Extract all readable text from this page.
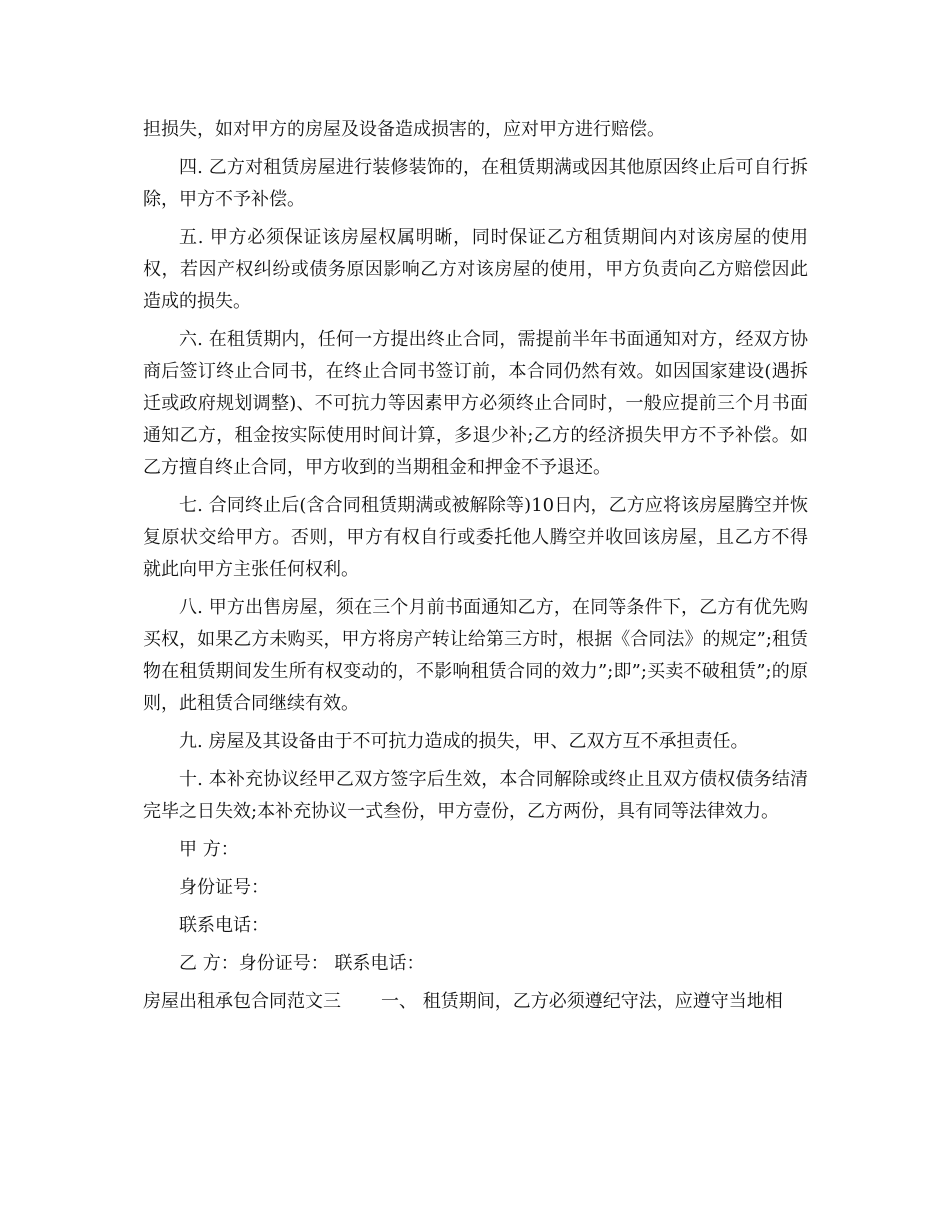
担损失，如对甲方的房屋及设备造成损害的，应对甲方进行赔偿。

四. 乙方对租赁房屋进行装修装饰的，在租赁期满或因其他原因终止后可自行拆除，甲方不予补偿。

五. 甲方必须保证该房屋权属明晰，同时保证乙方租赁期间内对该房屋的使用权，若因产权纠纷或债务原因影响乙方对该房屋的使用，甲方负责向乙方赔偿因此造成的损失。

六. 在租赁期内，任何一方提出终止合同，需提前半年书面通知对方，经双方协商后签订终止合同书，在终止合同书签订前，本合同仍然有效。如因国家建设(遇拆迁或政府规划调整)、不可抗力等因素甲方必须终止合同时，一般应提前三个月书面通知乙方，租金按实际使用时间计算，多退少补;乙方的经济损失甲方不予补偿。如乙方擅自终止合同，甲方收到的当期租金和押金不予退还。

七. 合同终止后(含合同租赁期满或被解除等)10日内，乙方应将该房屋腾空并恢复原状交给甲方。否则，甲方有权自行或委托他人腾空并收回该房屋，且乙方不得就此向甲方主张任何权利。

八. 甲方出售房屋，须在三个月前书面通知乙方，在同等条件下，乙方有优先购买权，如果乙方未购买，甲方将房产转让给第三方时，根据《合同法》的规定”;租赁物在租赁期间发生所有权变动的，不影响租赁合同的效力”;即”;买卖不破租赁”;的原则，此租赁合同继续有效。

九. 房屋及其设备由于不可抗力造成的损失，甲、乙双方互不承担责任。

十. 本补充协议经甲乙双方签字后生效，本合同解除或终止且双方债权债务结清完毕之日失效;本补充协议一式叁份，甲方壹份，乙方两份，具有同等法律效力。

甲 方：
身份证号：
联系电话：
乙 方：身份证号： 联系电话：
房屋出租承包合同范文三 一、 租赁期间，乙方必须遵纪守法，应遵守当地相
